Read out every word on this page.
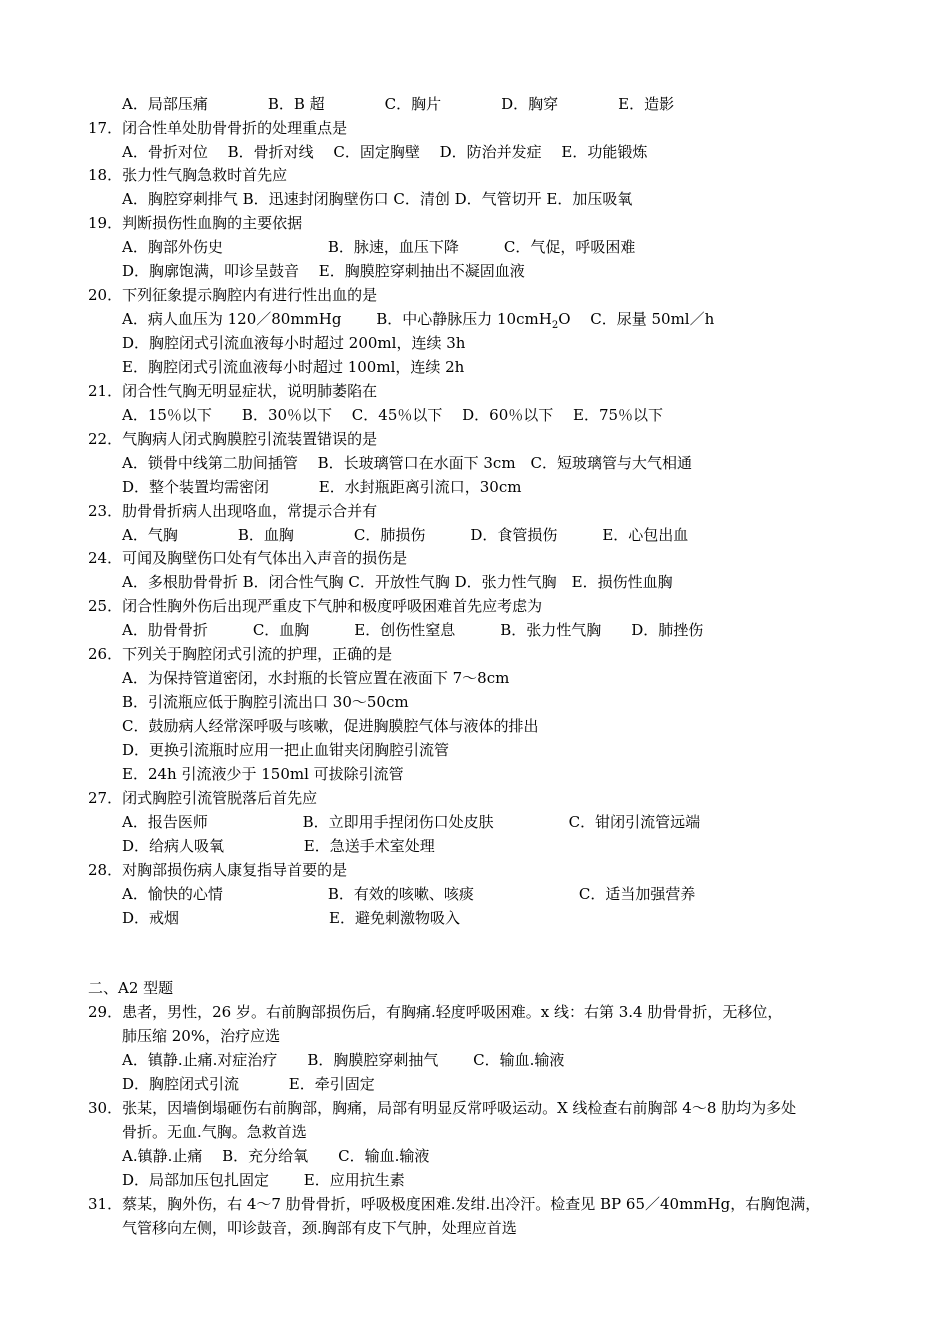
A．局部压痛　　　　B．B 超　　　　C．胸片　　　　D．胸穿　　　　E．造影
17．闭合性单处肋骨骨折的处理重点是
A．骨折对位　 B．骨折对线　 C．固定胸壁　 D．防治并发症　 E．功能锻炼
18．张力性气胸急救时首先应
A．胸腔穿刺排气 B．迅速封闭胸壁伤口 C．清创 D．气管切开 E．加压吸氧
19．判断损伤性血胸的主要依据
A．胸部外伤史　　　　　　　B．脉速，血压下降　　　C．气促，呼吸困难
D．胸廓饱满，叩诊呈鼓音　 E．胸膜腔穿刺抽出不凝固血液
20．下列征象提示胸腔内有进行性出血的是
A．病人血压为 120／80mmHg　　 B．中心静脉压力 10cmH$_2$O　 C．尿量 50ml／h
D．胸腔闭式引流血液每小时超过 200ml，连续 3h
E．胸腔闭式引流血液每小时超过 100ml，连续 2h
21．闭合性气胸无明显症状，说明肺萎陷在
A．15％以下　　B．30％以下　 C．45％以下　 D．60％以下　 E．75％以下
22．气胸病人闭式胸膜腔引流装置错误的是
A．锁骨中线第二肋间插管　 B．长玻璃管口在水面下 3cm　C．短玻璃管与大气相通
D．整个装置均需密闭　　　 E．水封瓶距离引流口，30cm
23．肋骨骨折病人出现咯血，常提示合并有
A．气胸　　　　B．血胸　　　　C．肺损伤　　　D．食管损伤　　　E．心包出血
24．可闻及胸壁伤口处有气体出入声音的损伤是
A．多根肋骨骨折 B．闭合性气胸 C．开放性气胸 D．张力性气胸　E．损伤性血胸
25．闭合性胸外伤后出现严重皮下气肿和极度呼吸困难首先应考虑为
A．肋骨骨折　　　C．血胸　　　E．创伤性窒息　　　B．张力性气胸　　D．肺挫伤
26．下列关于胸腔闭式引流的护理，正确的是
A．为保持管道密闭，水封瓶的长管应置在液面下 7～8cm
B．引流瓶应低于胸腔引流出口 30～50cm
C．鼓励病人经常深呼吸与咳嗽，促进胸膜腔气体与液体的排出
D．更换引流瓶时应用一把止血钳夹闭胸腔引流管
E．24h 引流液少于 150ml 可拔除引流管
27．闭式胸腔引流管脱落后首先应
A．报告医师　　　　　　 B．立即用手捏闭伤口处皮肤　　　　　C．钳闭引流管远端
D．给病人吸氧　　　　　 E．急送手术室处理
28．对胸部损伤病人康复指导首要的是
A．愉快的心情　　　　　　　B．有效的咳嗽、咳痰　　　　　　　C．适当加强营养
D．戒烟　　　　　　　　　　E．避免刺激物吸入
二、A2 型题
29．患者，男性，26 岁。右前胸部损伤后，有胸痛.轻度呼吸困难。x 线：右第 3.4 肋骨骨折，无移位，
肺压缩 20%，治疗应选
A．镇静.止痛.对症治疗　　B．胸膜腔穿刺抽气　　 C．输血.输液
D．胸腔闭式引流　　　 E．牵引固定
30．张某，因墙倒塌砸伤右前胸部，胸痛，局部有明显反常呼吸运动。X 线检查右前胸部 4～8 肋均为多处
骨折。无血.气胸。急救首选
A.镇静.止痛　 B．充分给氧　　C．输血.输液
D．局部加压包扎固定　　 E．应用抗生素
31．蔡某，胸外伤，右 4～7 肋骨骨折，呼吸极度困难.发绀.出冷汗。检查见 BP 65／40mmHg，右胸饱满，
气管移向左侧，叩诊鼓音，颈.胸部有皮下气肿，处理应首选
